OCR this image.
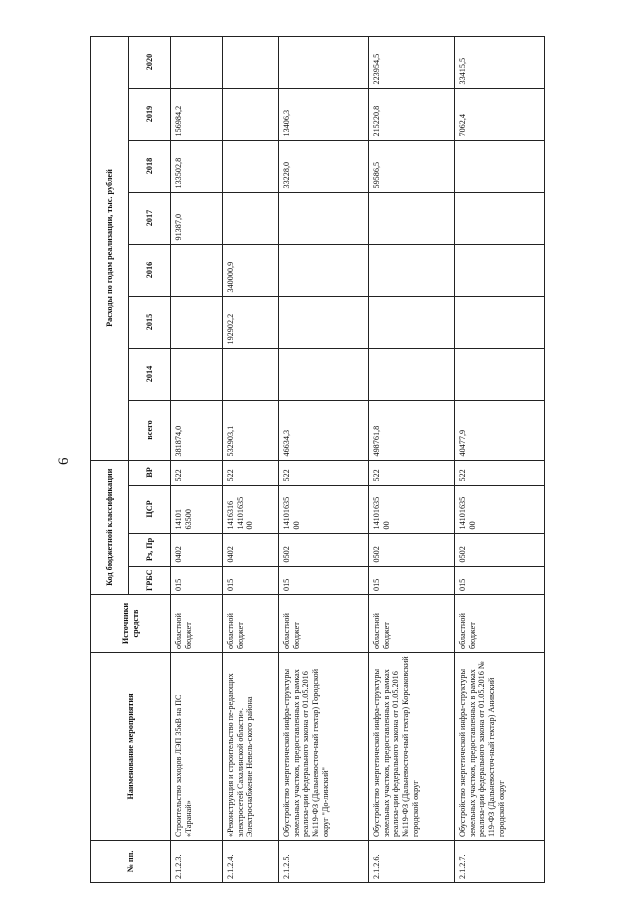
6
№ пп.	Наименование мероприятия	Источники средств	Код бюджетной классификации				Расходы по годам реализации, тыс. рублей							
			ГРБС	Рз, Пр	ЦСР	ВР	всего	2014	2015	2016	2017	2018	2019	2020
2.1.2.3.	Строительство заходов ЛЭП 35кВ на ПС «Таранай»	областной бюджет	015	0402	14101 63500	522	381874,0				91387,0	133502,8	156984,2	
2.1.2.4.	«Реконструкция и строительство пе-редающих электросетей Сахалинской области». Электроснабжение Невель-ского района	областной бюджет	015	0402	1416316 14101635 00	522	532903,1		192902,2	340000,9				
2.1.2.5.	Обустройство энергетической инфра-структуры земельных участков, предоставленных в рамках реализа-ции федерального закона от 01.05.2016 №119-ФЗ (Дальневосточ-ный гектар) Городской округ "До-линский"	областной бюджет	015	0502	14101635 00	522	46634,3					33228,0	13406,3	
2.1.2.6.	Обустройство энергетической инфра-структуры земельных участков, предоставленных в рамках реализа-ции федерального закона от 01.05.2016 №119-ФЗ (Дальневосточ-ный гектар) Корсаковский городской округ	областной бюджет	015	0502	14101635 00	522	498761,8					59586,5	215220,8	223954,5
2.1.2.7.	Обустройство энергетической инфра-структуры земельных участков, предоставленных в рамках реализа-ции федерального закона от 01.05.2016 № 119-ФЗ (Дальневосточ-ный гектар) Анивский городской округ	областной бюджет	015	0502	14101635 00	522	40477,9						7062,4	33415,5
